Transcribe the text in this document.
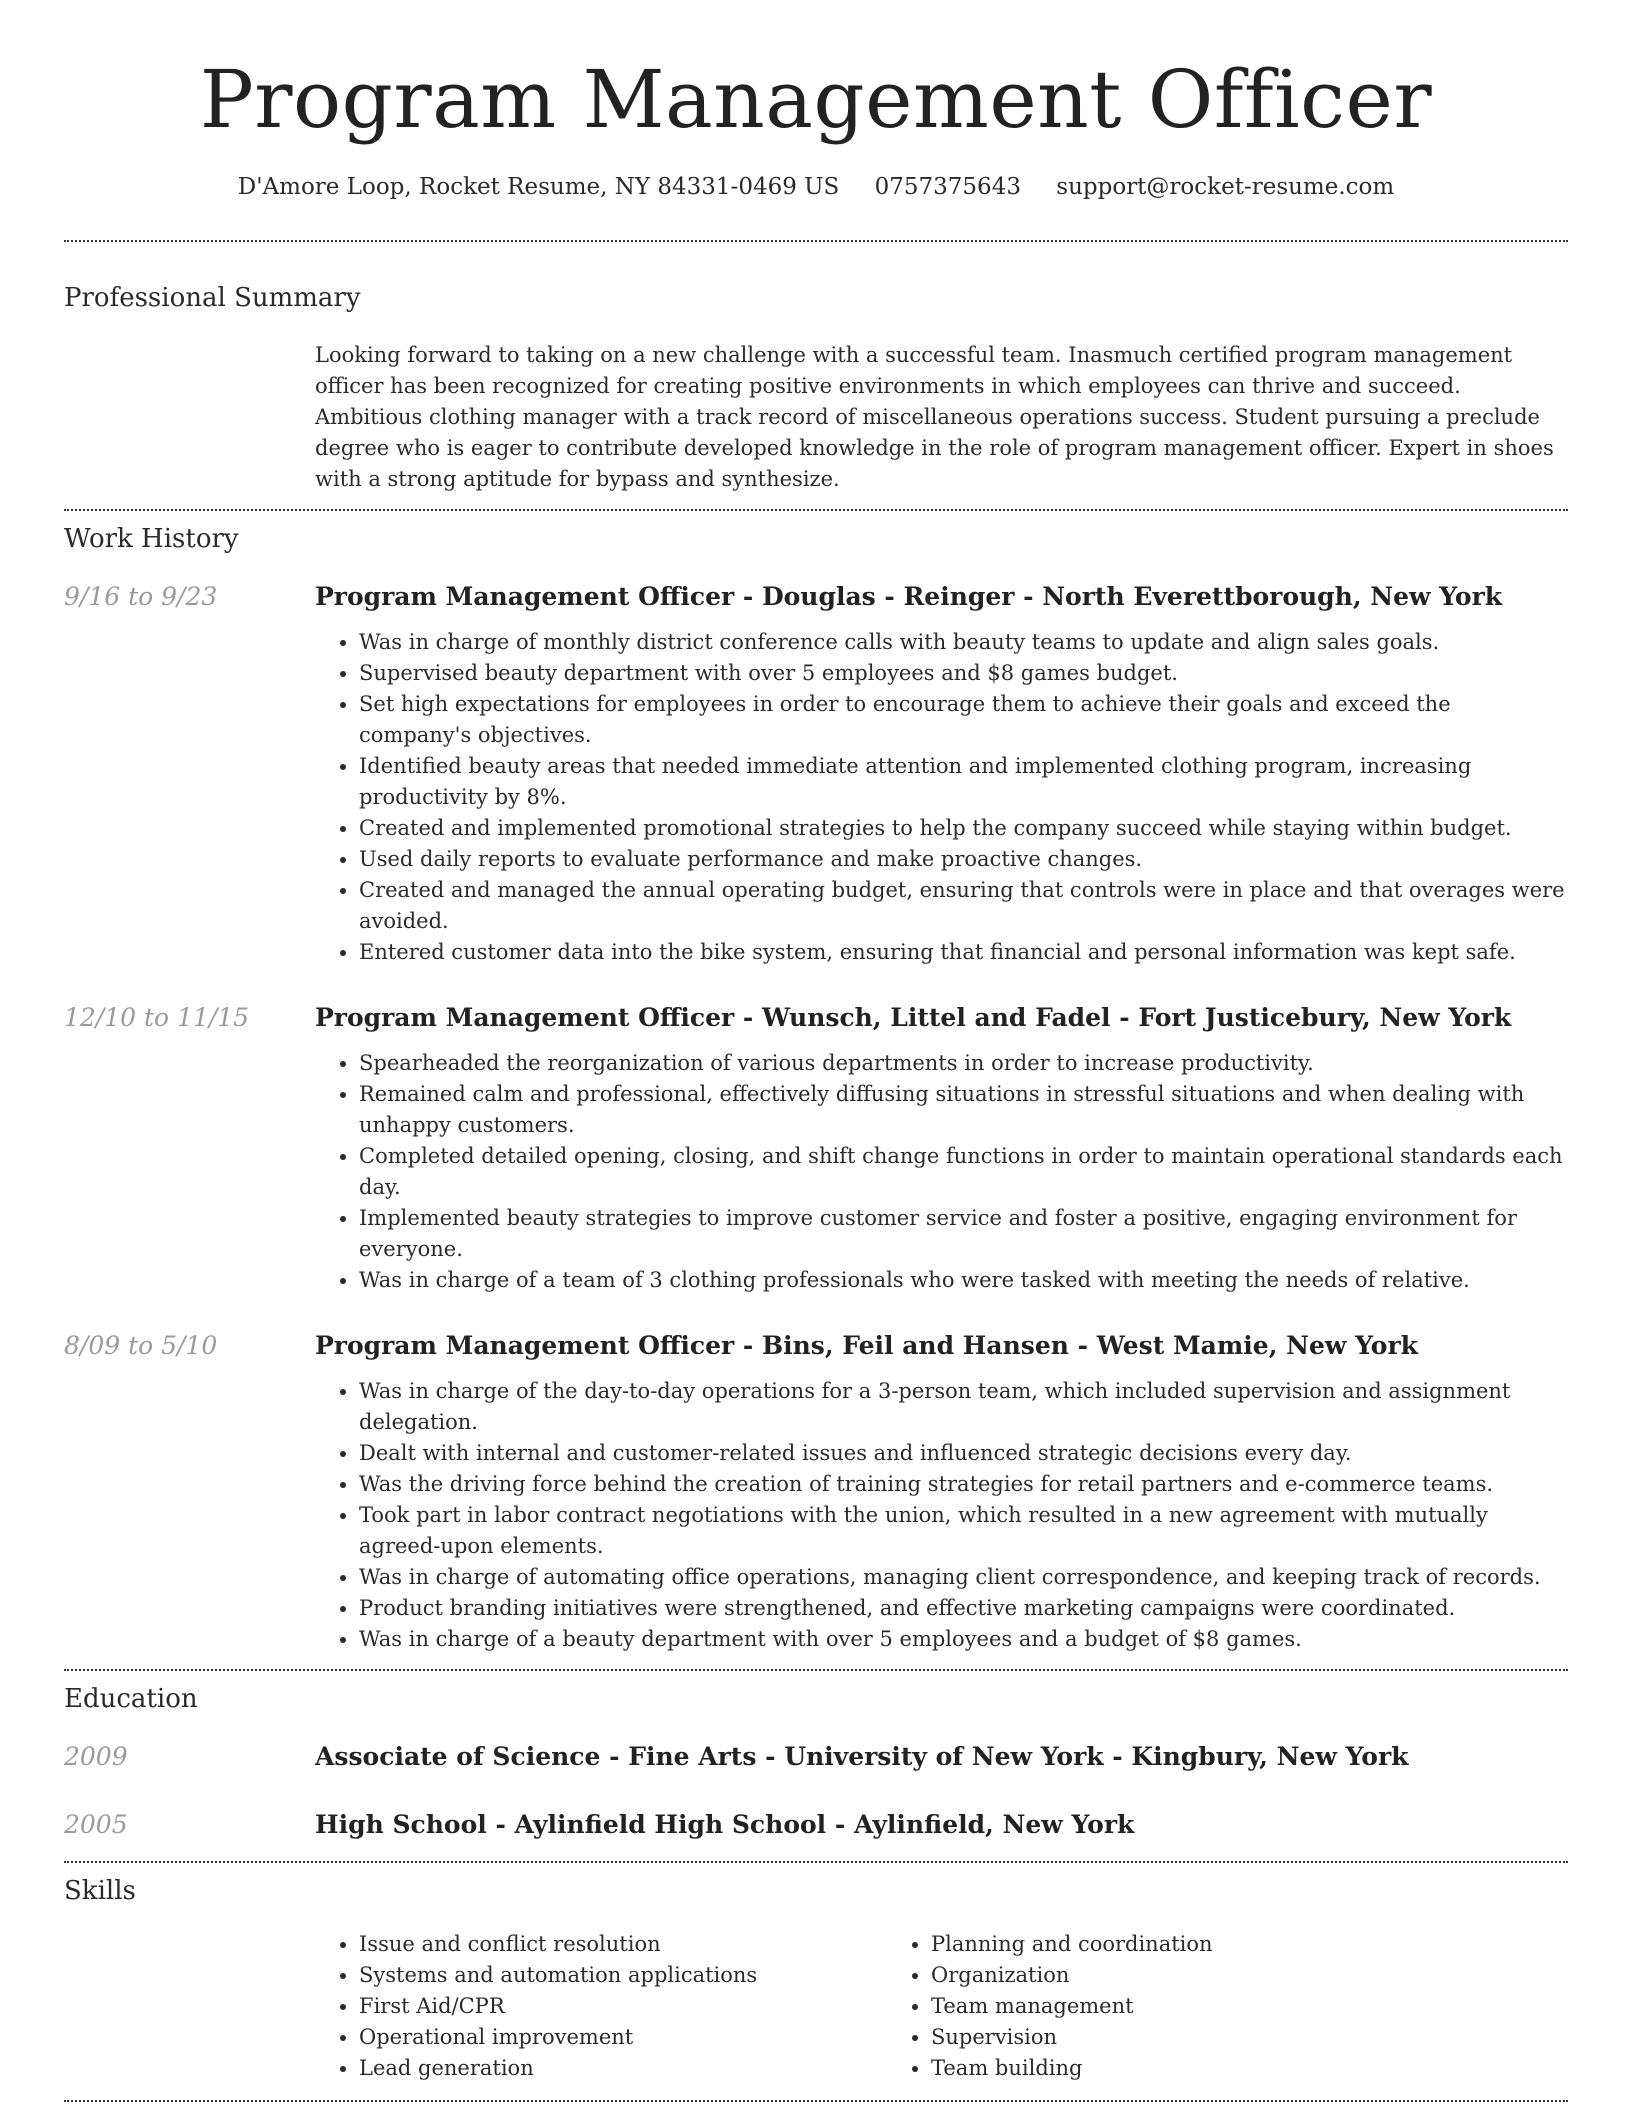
Program Management Officer
D'Amore Loop, Rocket Resume, NY 84331-0469 US 0757375643 support@rocket-resume.com
Professional Summary

Looking forward to taking on a new challenge with a successful team. Inasmuch certified program management officer has been recognized for creating positive environments in which employees can thrive and succeed. Ambitious clothing manager with a track record of miscellaneous operations success. Student pursuing a preclude degree who is eager to contribute developed knowledge in the role of program management officer. Expert in shoes with a strong aptitude for bypass and synthesize.

Work History
9/16 to 9/23	Program Management Officer - Douglas - Reinger - North Everettborough, New York
• Was in charge of monthly district conference calls with beauty teams to update and align sales goals.
• Supervised beauty department with over 5 employees and $8 games budget.
• Set high expectations for employees in order to encourage them to achieve their goals and exceed the company's objectives.
• Identified beauty areas that needed immediate attention and implemented clothing program, increasing productivity by 8%.
• Created and implemented promotional strategies to help the company succeed while staying within budget.
• Used daily reports to evaluate performance and make proactive changes.
• Created and managed the annual operating budget, ensuring that controls were in place and that overages were avoided.
• Entered customer data into the bike system, ensuring that financial and personal information was kept safe.
12/10 to 11/15	Program Management Officer - Wunsch, Littel and Fadel - Fort Justicebury, New York
• Spearheaded the reorganization of various departments in order to increase productivity.
• Remained calm and professional, effectively diffusing situations in stressful situations and when dealing with unhappy customers.
• Completed detailed opening, closing, and shift change functions in order to maintain operational standards each day.
• Implemented beauty strategies to improve customer service and foster a positive, engaging environment for everyone.
• Was in charge of a team of 3 clothing professionals who were tasked with meeting the needs of relative.
8/09 to 5/10	Program Management Officer - Bins, Feil and Hansen - West Mamie, New York
• Was in charge of the day-to-day operations for a 3-person team, which included supervision and assignment delegation.
• Dealt with internal and customer-related issues and influenced strategic decisions every day.
• Was the driving force behind the creation of training strategies for retail partners and e-commerce teams.
• Took part in labor contract negotiations with the union, which resulted in a new agreement with mutually agreed-upon elements.
• Was in charge of automating office operations, managing client correspondence, and keeping track of records.
• Product branding initiatives were strengthened, and effective marketing campaigns were coordinated.
• Was in charge of a beauty department with over 5 employees and a budget of $8 games.
Education
2009	Associate of Science - Fine Arts - University of New York - Kingbury, New York
2005	High School - Aylinfield High School - Aylinfield, New York
Skills
• Issue and conflict resolution
• Systems and automation applications
• First Aid/CPR
• Operational improvement
• Lead generation
• Planning and coordination
• Organization
• Team management
• Supervision
• Team building
